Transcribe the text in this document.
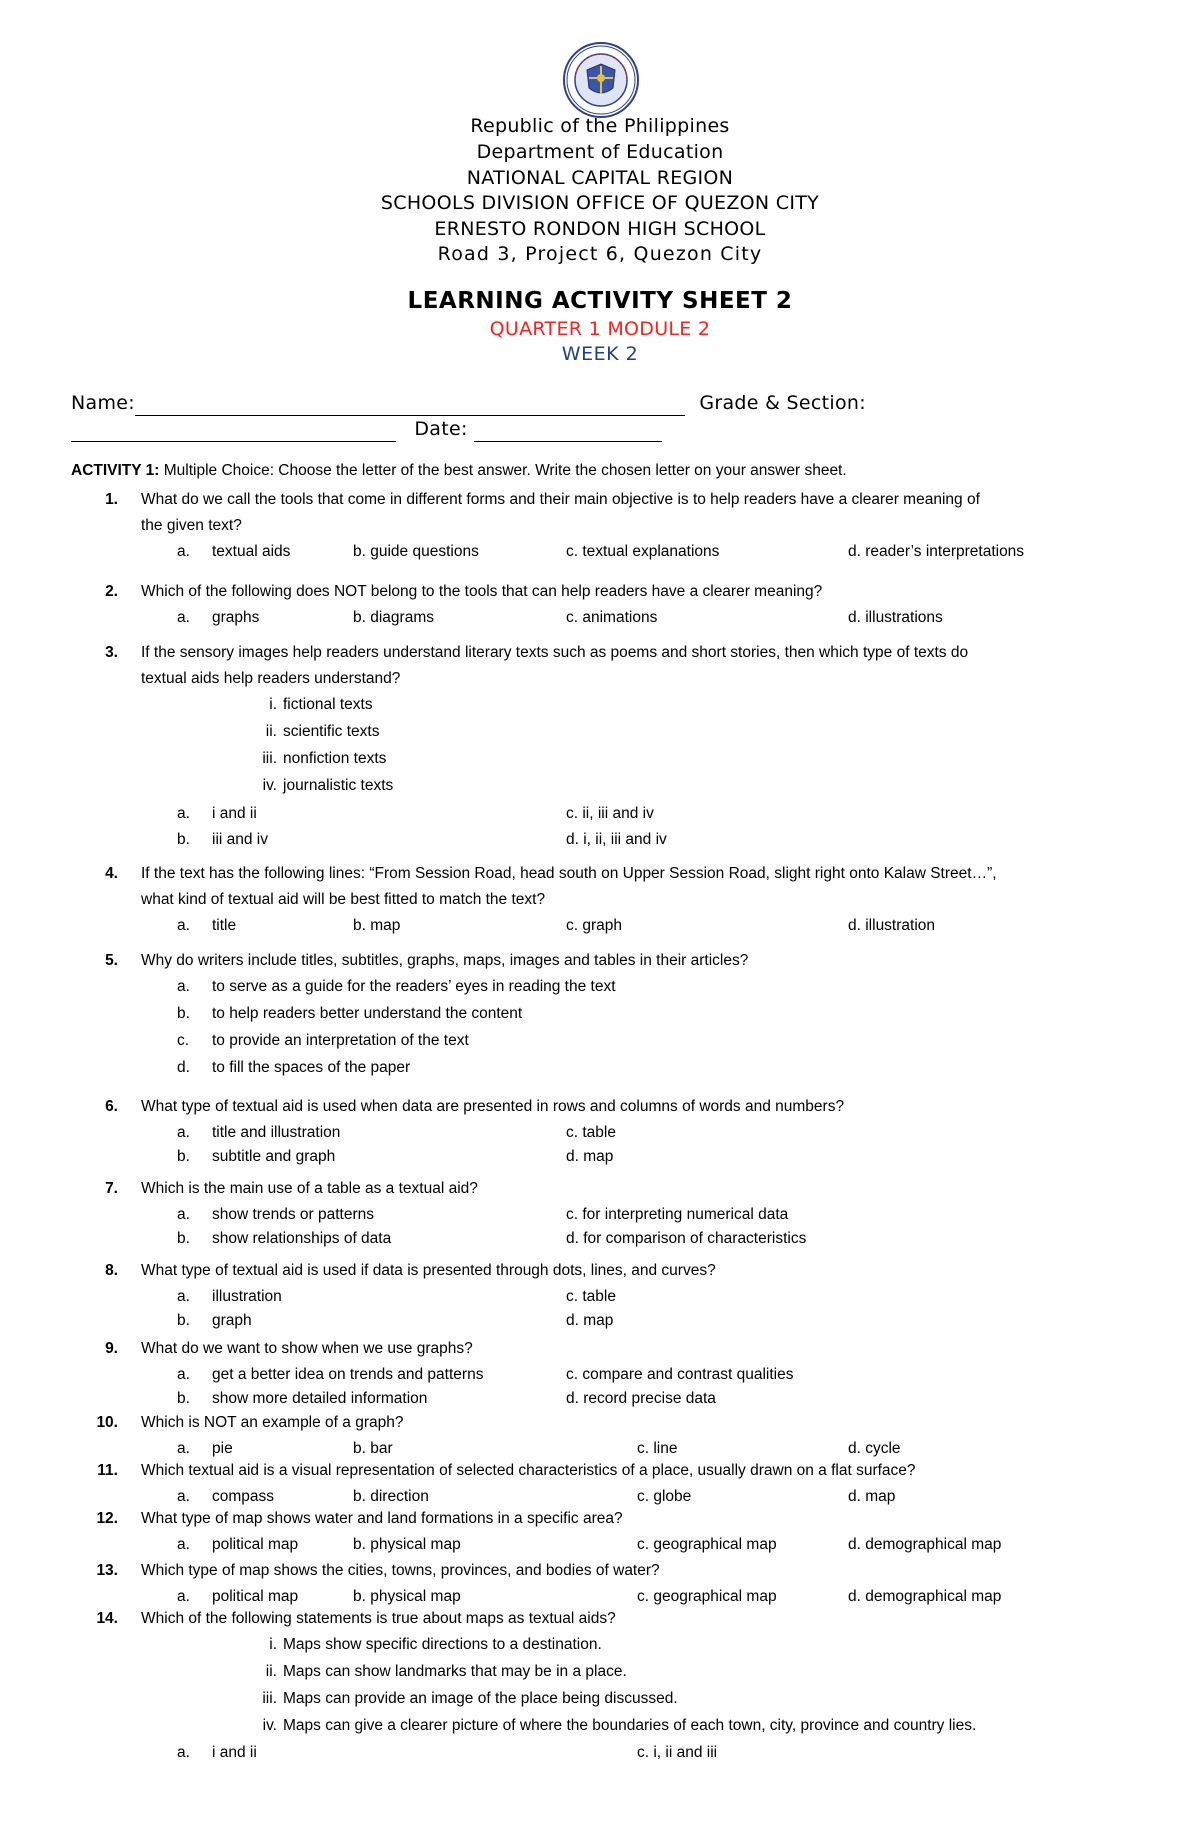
Republic of the Philippines
Department of Education
NATIONAL CAPITAL REGION
SCHOOLS DIVISION OFFICE OF QUEZON CITY
ERNESTO RONDON HIGH SCHOOL
Road 3, Project 6, Quezon City
LEARNING ACTIVITY SHEET 2
QUARTER 1 MODULE 2
WEEK 2
Name:	Grade & Section:
Date:
ACTIVITY 1: Multiple Choice: Choose the letter of the best answer. Write the chosen letter on your answer sheet.
1. What do we call the tools that come in different forms and their main objective is to help readers have a clearer meaning of
the given text?
a. textual aids	b. guide questions	c. textual explanations	d. reader’s interpretations
2. Which of the following does NOT belong to the tools that can help readers have a clearer meaning?
a. graphs	b. diagrams	c. animations	d. illustrations
3. If the sensory images help readers understand literary texts such as poems and short stories, then which type of texts do
textual aids help readers understand?
i. fictional texts
ii. scientific texts
iii. nonfiction texts
iv. journalistic texts
a. i and ii	c. ii, iii and iv
b. iii and iv	d. i, ii, iii and iv
4. If the text has the following lines: “From Session Road, head south on Upper Session Road, slight right onto Kalaw Street…”,
what kind of textual aid will be best fitted to match the text?
a. title	b. map	c. graph	d. illustration
5. Why do writers include titles, subtitles, graphs, maps, images and tables in their articles?
a. to serve as a guide for the readers’ eyes in reading the text
b. to help readers better understand the content
c. to provide an interpretation of the text
d. to fill the spaces of the paper
6. What type of textual aid is used when data are presented in rows and columns of words and numbers?
a. title and illustration	c. table
b. subtitle and graph	d. map
7. Which is the main use of a table as a textual aid?
a. show trends or patterns	c. for interpreting numerical data
b. show relationships of data	d. for comparison of characteristics
8. What type of textual aid is used if data is presented through dots, lines, and curves?
a. illustration	c. table
b. graph	d. map
9. What do we want to show when we use graphs?
a. get a better idea on trends and patterns	c. compare and contrast qualities
b. show more detailed information	d. record precise data
10. Which is NOT an example of a graph?
a. pie	b. bar	c. line	d. cycle
11. Which textual aid is a visual representation of selected characteristics of a place, usually drawn on a flat surface?
a. compass	b. direction	c. globe	d. map
12. What type of map shows water and land formations in a specific area?
a. political map	b. physical map	c. geographical map	d. demographical map
13. Which type of map shows the cities, towns, provinces, and bodies of water?
a. political map	b. physical map	c. geographical map	d. demographical map
14. Which of the following statements is true about maps as textual aids?
i. Maps show specific directions to a destination.
ii. Maps can show landmarks that may be in a place.
iii. Maps can provide an image of the place being discussed.
iv. Maps can give a clearer picture of where the boundaries of each town, city, province and country lies.
a. i and ii	c. i, ii and iii
